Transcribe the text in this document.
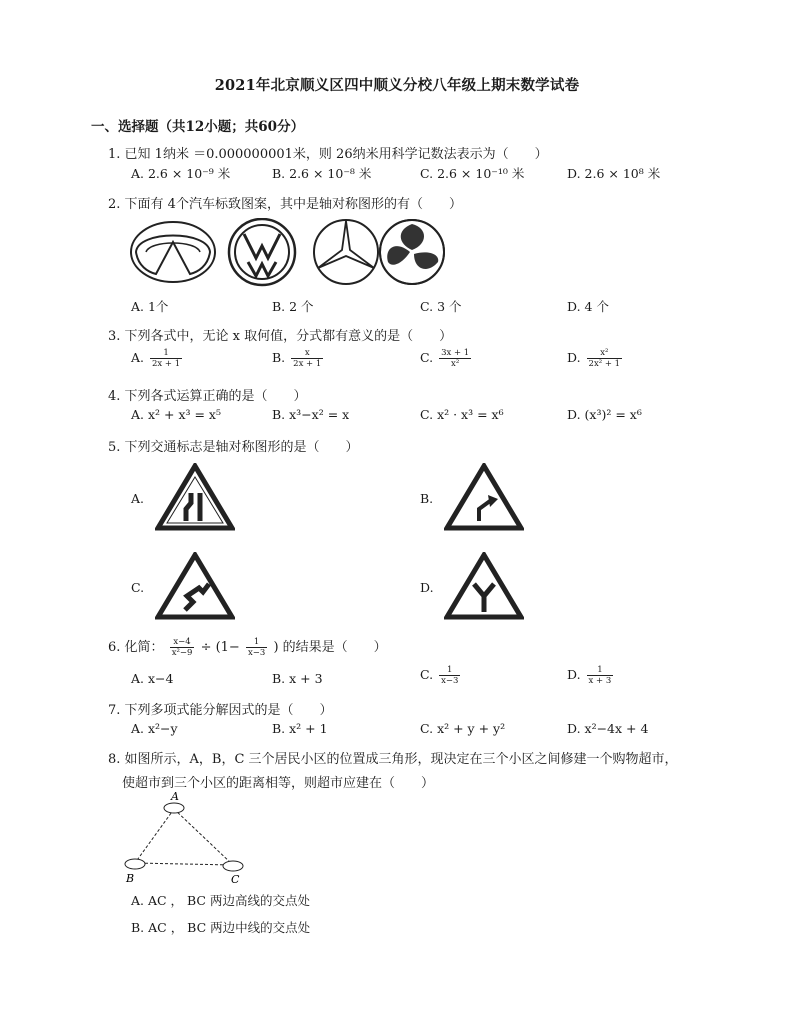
2021年北京顺义区四中顺义分校八年级上期末数学试卷
一、选择题（共12小题；共60分）
1. 已知 1纳米 ＝0.000000001米，则 26纳米用科学记数法表示为（　　）
A. 2.6 × 10⁻⁹ 米	B. 2.6 × 10⁻⁸ 米	C. 2.6 × 10⁻¹⁰ 米	D. 2.6 × 10⁸ 米
2. 下面有 4个汽车标致图案，其中是轴对称图形的有（　　）
A. 1个	B. 2 个	C. 3 个	D. 4 个
3. 下列各式中，无论 x 取何值，分式都有意义的是（　　）
A. $\frac{1}{2x + 1}$	B. $\frac{x}{2x + 1}$	C. $\frac{3x + 1}{\text{x²}}$	D. $\frac{\text{x²}}{\text{2x² + 1}}$
4. 下列各式运算正确的是（　　）
A. x² + x³ = x⁵	B. x³−x² = x	C. x² · x³ = x⁶	D. (x³)² = x⁶
5. 下列交通标志是轴对称图形的是（　　）
A.	B.
C.	D.
6. 化简： $\frac{x-4}{\text{x²−9}} \div (1- \frac{1}{x-3}$ ) 的结果是（　　）
A. x−4	B. x + 3	C. $\frac{1}{x-3}$	D. $\frac{1}{x + 3}$
7. 下列多项式能分解因式的是（　　）
A. x²−y	B. x² + 1	C. x² + y + y²	D. x²−4x + 4
8. 如图所示，A，B，C 三个居民小区的位置成三角形，现决定在三个小区之间修建一个购物超市，
使超市到三个小区的距离相等，则超市应建在（　　）
A
B	C
A. AC ， BC 两边高线的交点处
B. AC ， BC 两边中线的交点处
